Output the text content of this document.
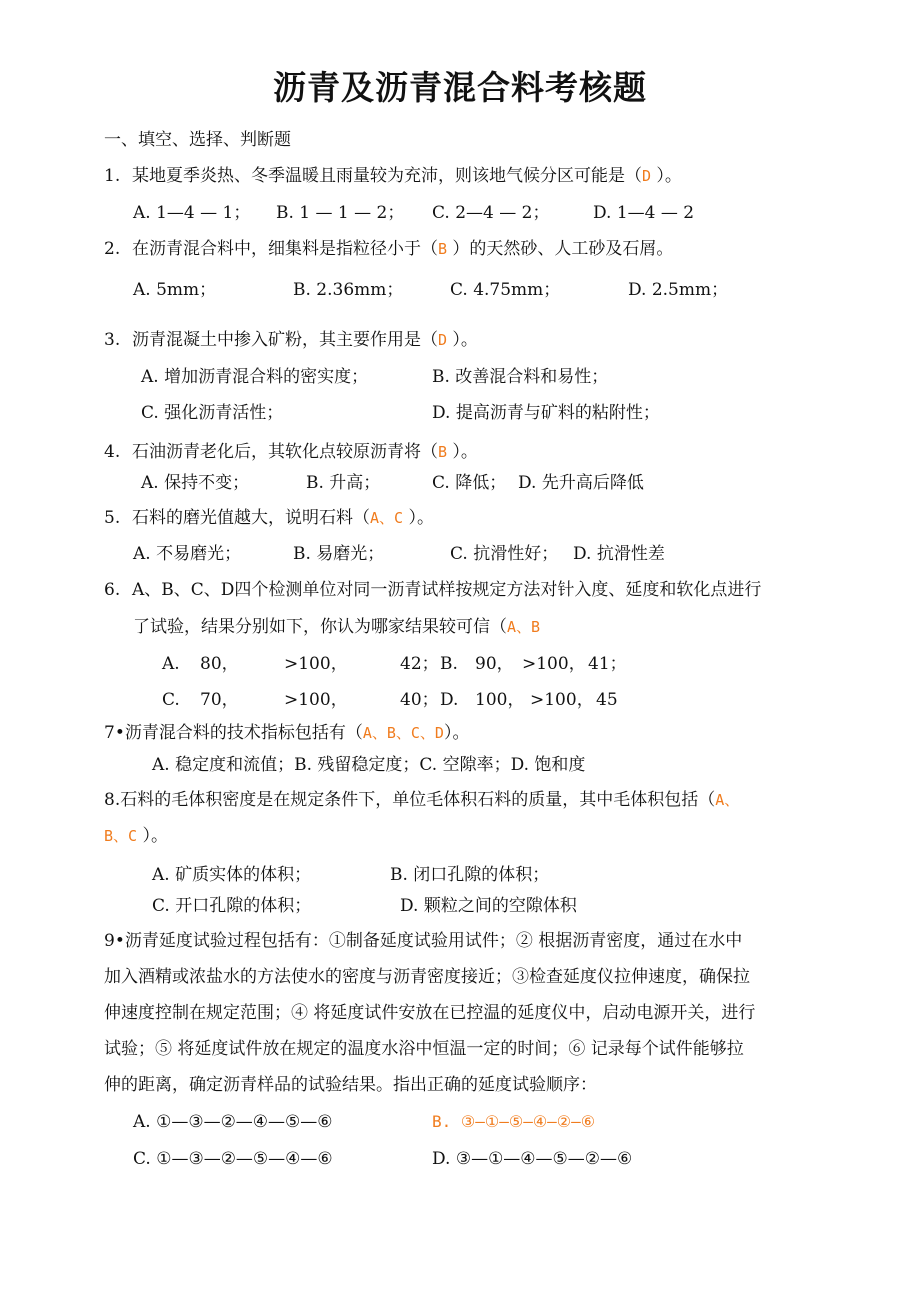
沥青及沥青混合料考核题
一、填空、选择、判断题
1. 某地夏季炎热、冬季温暖且雨量较为充沛，则该地气候分区可能是（D ）。
A. 1—4 — 1； B. 1 — 1 — 2； C. 2—4 — 2；	D. 1—4 — 2
2. 在沥青混合料中，细集料是指粒径小于（B ）的天然砂、人工砂及石屑。
A. 5mm；	B. 2.36mm；	C. 4.75mm；	D. 2.5mm；
3. 沥青混凝土中掺入矿粉，其主要作用是（D ）。
A. 增加沥青混合料的密实度；	B. 改善混合料和易性；
C. 强化沥青活性；	D. 提高沥青与矿料的粘附性；
4. 石油沥青老化后，其软化点较原沥青将（B ）。
A. 保持不变；	B. 升高；	C. 降低； D. 先升高后降低
5. 石料的磨光值越大，说明石料（A、C ）。
A. 不易磨光；	B. 易磨光；	C. 抗滑性好； D. 抗滑性差
6. A、B、C、D四个检测单位对同一沥青试样按规定方法对针入度、延度和软化点进行
了试验，结果分别如下，你认为哪家结果较可信（A、B
A. 80，	>100，	42； B. 90， >100， 41；
C. 70，	>100，	40； D. 100， >100， 45
7•沥青混合料的技术指标包括有（A、B、C、D）。
A. 稳定度和流值；B. 残留稳定度；C. 空隙率；D. 饱和度
8.石料的毛体积密度是在规定条件下，单位毛体积石料的质量，其中毛体积包括（A、
B、C ）。
A. 矿质实体的体积；	B. 闭口孔隙的体积；
C. 开口孔隙的体积；	D. 颗粒之间的空隙体积
9•沥青延度试验过程包括有：①制备延度试验用试件；② 根据沥青密度，通过在水中
加入酒精或浓盐水的方法使水的密度与沥青密度接近；③检查延度仪拉伸速度，确保拉
伸速度控制在规定范围；④ 将延度试件安放在已控温的延度仪中，启动电源开关，进行
试验；⑤ 将延度试件放在规定的温度水浴中恒温一定的时间；⑥ 记录每个试件能够拉
伸的距离，确定沥青样品的试验结果。指出正确的延度试验顺序：
A. ①—③—②—④—⑤—⑥	B. ③—①—⑤—④—②—⑥
C. ①—③—②—⑤—④—⑥	D. ③—①—④—⑤—②—⑥
